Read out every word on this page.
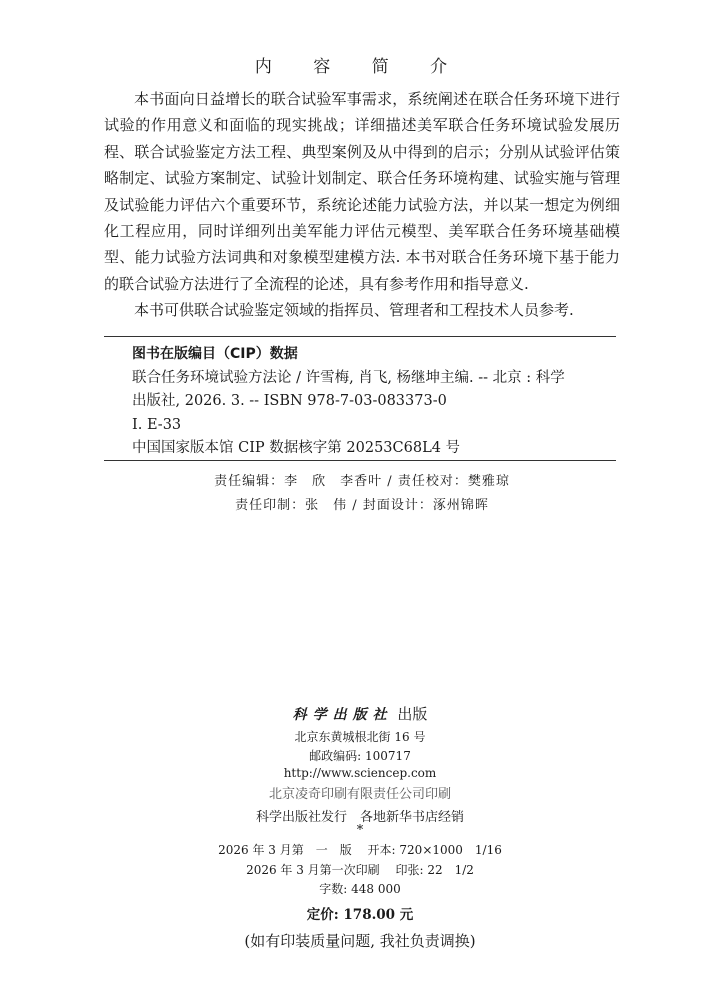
内 容 简 介

本书面向日益增长的联合试验军事需求，系统阐述在联合任务环境下进行试验的作用意义和面临的现实挑战；详细描述美军联合任务环境试验发展历程、联合试验鉴定方法工程、典型案例及从中得到的启示；分别从试验评估策略制定、试验方案制定、试验计划制定、联合任务环境构建、试验实施与管理及试验能力评估六个重要环节，系统论述能力试验方法，并以某一想定为例细化工程应用，同时详细列出美军能力评估元模型、美军联合任务环境基础模型、能力试验方法词典和对象模型建模方法. 本书对联合任务环境下基于能力的联合试验方法进行了全流程的论述，具有参考作用和指导意义.

本书可供联合试验鉴定领域的指挥员、管理者和工程技术人员参考.

图书在版编目（CIP）数据
联合任务环境试验方法论 / 许雪梅, 肖飞, 杨继坤主编. -- 北京 : 科学
出版社, 2026. 3. -- ISBN 978-7-03-083373-0
Ⅰ. E-33
中国国家版本馆 CIP 数据核字第 20253C68L4 号
责任编辑：李　欣　李香叶 / 责任校对：樊雅琼
责任印制：张　伟 / 封面设计：涿州锦晖
科学出版社 出版
北京东黄城根北街 16 号
邮政编码: 100717
http://www.sciencep.com
北京凌奇印刷有限责任公司印刷
科学出版社发行　各地新华书店经销
*
2026 年 3 月第　一　版　 开本: 720×1000　1/16
2026 年 3 月第一次印刷　 印张: 22　1/2
字数: 448 000
定价: 178.00 元
(如有印装质量问题, 我社负责调换)
